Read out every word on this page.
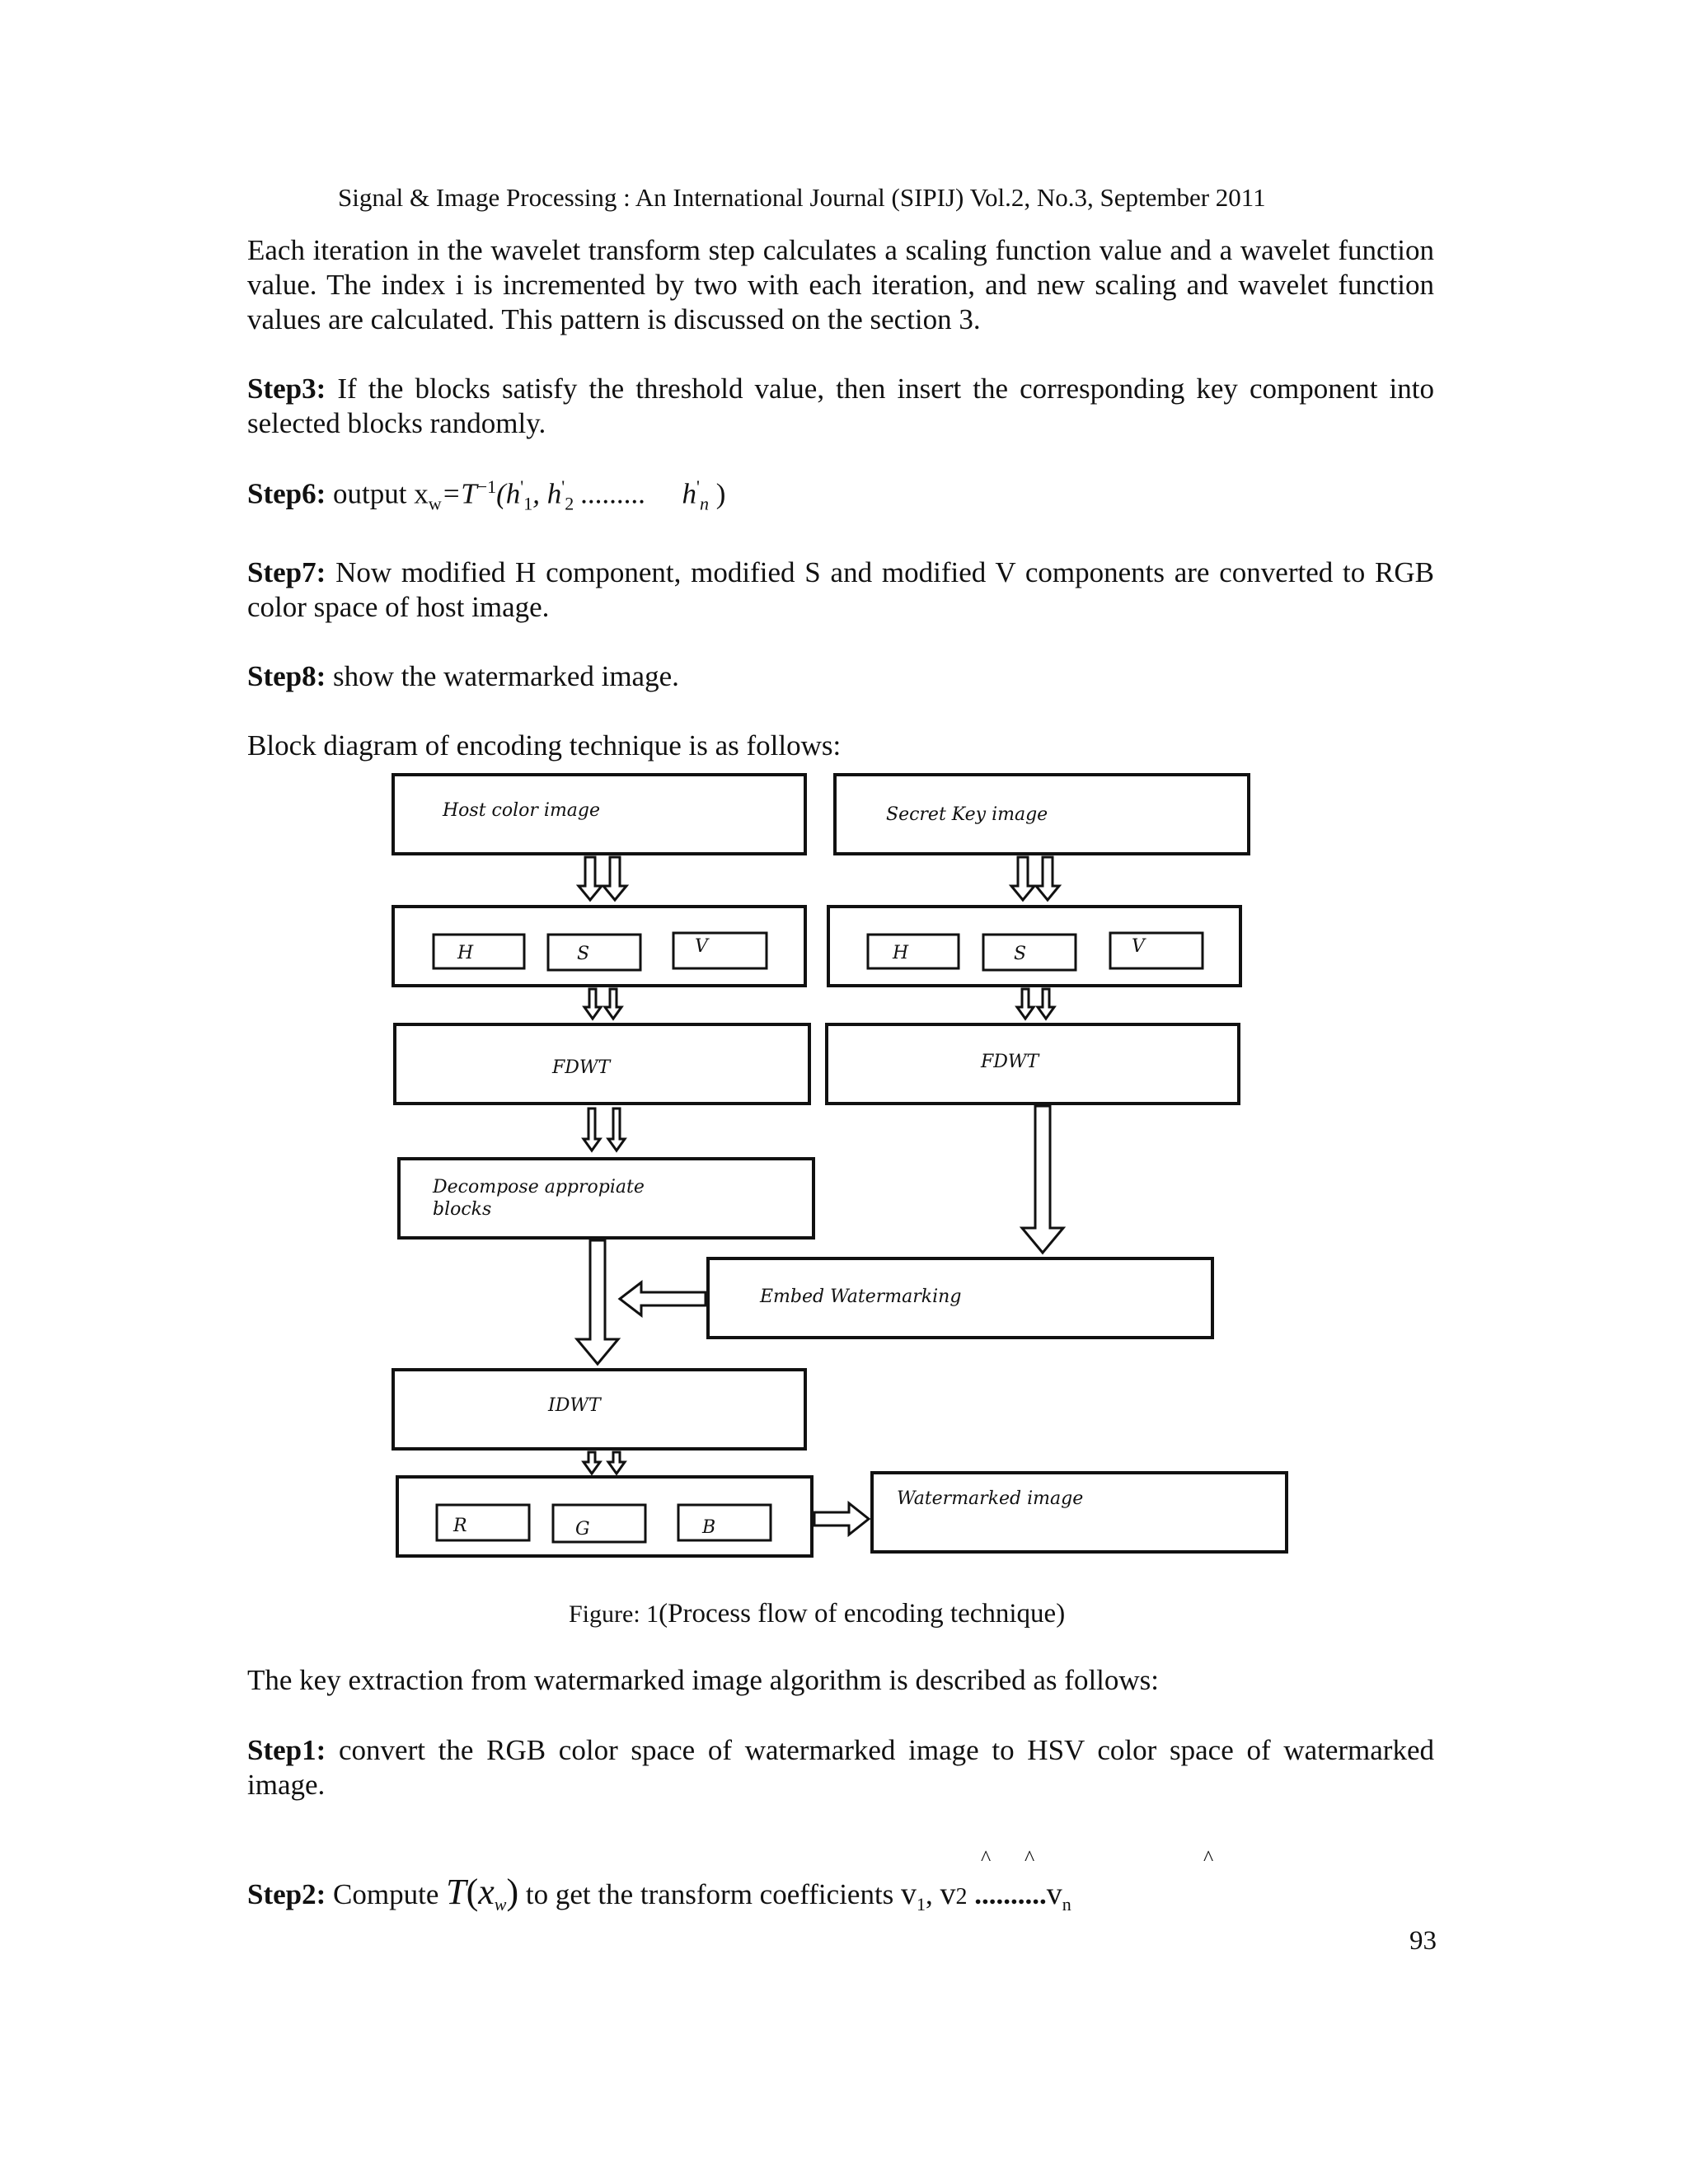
Signal & Image Processing : An International Journal (SIPIJ) Vol.2, No.3, September 2011

Each iteration in the wavelet transform step calculates a scaling function value and a wavelet function value. The index i is incremented by two with each iteration, and new scaling and wavelet function values are calculated. This pattern is discussed on the section 3.

Step3: If the blocks satisfy the threshold value, then insert the corresponding key component into selected blocks randomly.

Step6: output $x_w=T^{-1}(h'_1$, $h'_2$ .........     $h'_n$ )

Step7: Now modified H component, modified S and modified V components are converted to RGB color space of host image.

Step8: show the watermarked image.

Block diagram of encoding technique is as follows:

Host color image	Secret Key image
H	S	V	H	S	V
FDWT	FDWT
Decompose appropiate
blocks
Embed Watermarking
IDWT
R	G	B
Watermarked image
Figure: 1(Process flow of encoding technique)

The key extraction from watermarked image algorithm is described as follows:

Step1: convert the RGB color space of watermarked image to HSV color space of watermarked image.

^ ^	^
Step2: Compute $T(x_w)$ to get the transform coefficients $v_1$, v2 $..........v_n$
93
